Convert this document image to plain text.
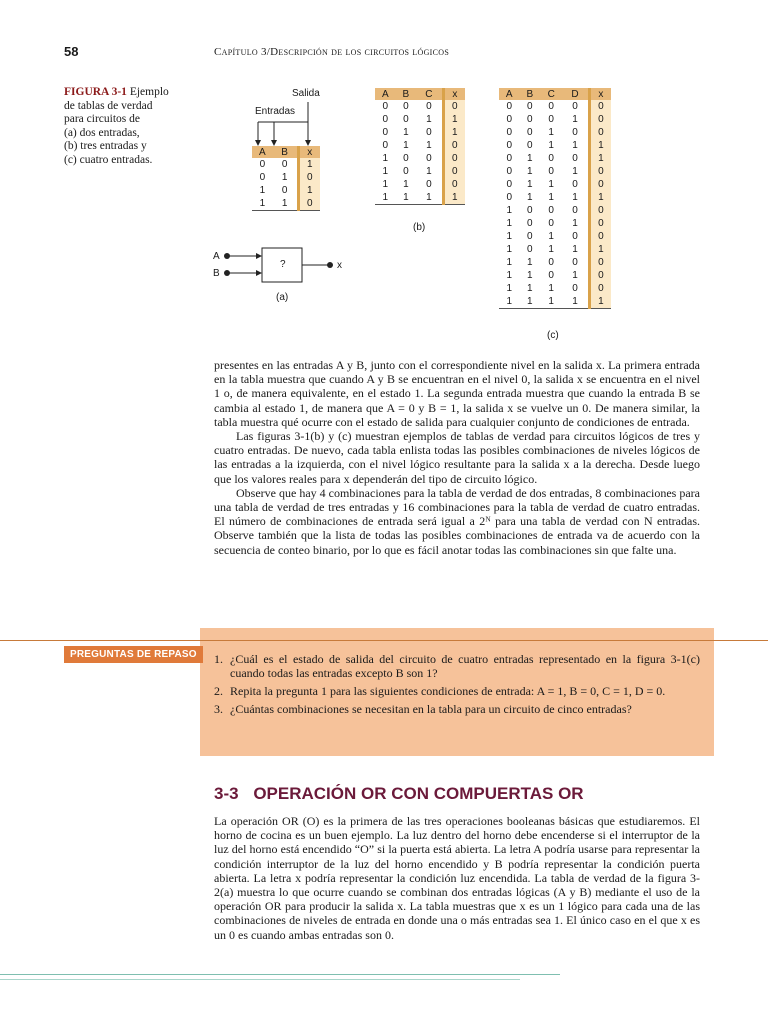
58	Capítulo 3/Descripción de los circuitos lógicos
FIGURA 3-1 Ejemplo
de tablas de verdad
para circuitos de
(a) dos entradas,
(b) tres entradas y
(c) cuatro entradas.
Salida
Entradas
A	B	x
0	0	1
0	1	0
1	0	1
1	1	0
A
B
?	x
(a)
A	B	C	x
0	0	0	0
0	0	1	1
0	1	0	1
0	1	1	0
1	0	0	0
1	0	1	0
1	1	0	0
1	1	1	1
(b)
A	B	C	D	x
0	0	0	0	0
0	0	0	1	0
0	0	1	0	0
0	0	1	1	1
0	1	0	0	1
0	1	0	1	0
0	1	1	0	0
0	1	1	1	1
1	0	0	0	0
1	0	0	1	0
1	0	1	0	0
1	0	1	1	1
1	1	0	0	0
1	1	0	1	0
1	1	1	0	0
1	1	1	1	1
(c)

presentes en las entradas A y B, junto con el correspondiente nivel en la salida x. La primera entrada en la tabla muestra que cuando A y B se encuentran en el nivel 0, la salida x se encuentra en el nivel 1 o, de manera equivalente, en el estado 1. La segunda entrada muestra que cuando la entrada B se cambia al estado 1, de manera que A = 0 y B = 1, la salida x se vuelve un 0. De manera similar, la tabla muestra qué ocurre con el estado de salida para cualquier conjunto de condiciones de entrada.

Las figuras 3-1(b) y (c) muestran ejemplos de tablas de verdad para circuitos lógicos de tres y cuatro entradas. De nuevo, cada tabla enlista todas las posibles combinaciones de niveles lógicos de las entradas a la izquierda, con el nivel lógico resultante para la salida x a la derecha. Desde luego que los valores reales para x dependerán del tipo de circuito lógico.

Observe que hay 4 combinaciones para la tabla de verdad de dos entradas, 8 combinaciones para una tabla de verdad de tres entradas y 16 combinaciones para la tabla de verdad de cuatro entradas. El número de combinaciones de entrada será igual a 2ᴺ para una tabla de verdad con N entradas. Observe también que la lista de todas las posibles combinaciones de entrada va de acuerdo con la secuencia de conteo binario, por lo que es fácil anotar todas las combinaciones sin que falte una.

PREGUNTAS DE REPASO	1. ¿Cuál es el estado de salida del circuito de cuatro entradas representado en la figura 3-1(c) cuando todas las entradas excepto B son 1?
2. Repita la pregunta 1 para las siguientes condiciones de entrada: A = 1, B = 0, C = 1, D = 0.
3. ¿Cuántas combinaciones se necesitan en la tabla para un circuito de cinco entradas?
3-3 OPERACIÓN OR CON COMPUERTAS OR

La operación OR (O) es la primera de las tres operaciones booleanas básicas que estudiaremos. El horno de cocina es un buen ejemplo. La luz dentro del horno debe encenderse si el interruptor de la luz del horno está encendido “O” si la puerta está abierta. La letra A podría usarse para representar la condición interruptor de la luz del horno encendido y B podría representar la condición puerta abierta. La letra x podría representar la condición luz encendida. La tabla de verdad de la figura 3-2(a) muestra lo que ocurre cuando se combinan dos entradas lógicas (A y B) mediante el uso de la operación OR para producir la salida x. La tabla muestras que x es un 1 lógico para cada una de las combinaciones de niveles de entrada en donde una o más entradas sea 1. El único caso en el que x es un 0 es cuando ambas entradas son 0.
